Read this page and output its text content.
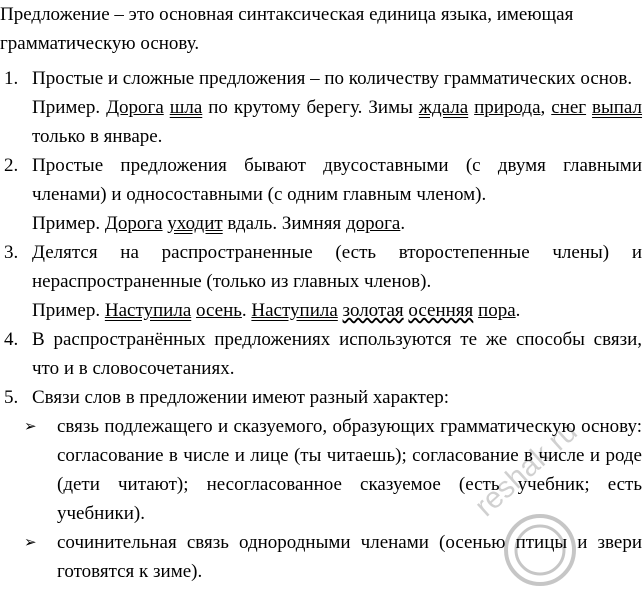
Предложение – это основная синтаксическая единица языка, имеющая грамматическую основу.

1. Простые и сложные предложения – по количеству грамматических основ.

Пример. Дорога шла по крутому берегу. Зимы ждала природа, снег выпал только в январе.

2. Простые предложения бывают двусоставными (с двумя главными членами) и односоставными (с одним главным членом).

Пример. Дорога уходит вдаль. Зимняя дорога.

3. Делятся на распространенные (есть второстепенные члены) и нераспространенные (только из главных членов).

Пример. Наступила осень. Наступила золотая осенняя пора.

4. В распространённых предложениях используются те же способы связи, что и в словосочетаниях.

5. Связи слов в предложении имеют разный характер:

➢ связь подлежащего и сказуемого, образующих грамматическую основу: согласование в числе и лице (ты читаешь); согласование в числе и роде (дети читают); несогласованное сказуемое (есть учебник; есть учебники).
➢ сочинительная связь однородными членами (осенью птицы и звери готовятся к зиме).
reshak.ru
